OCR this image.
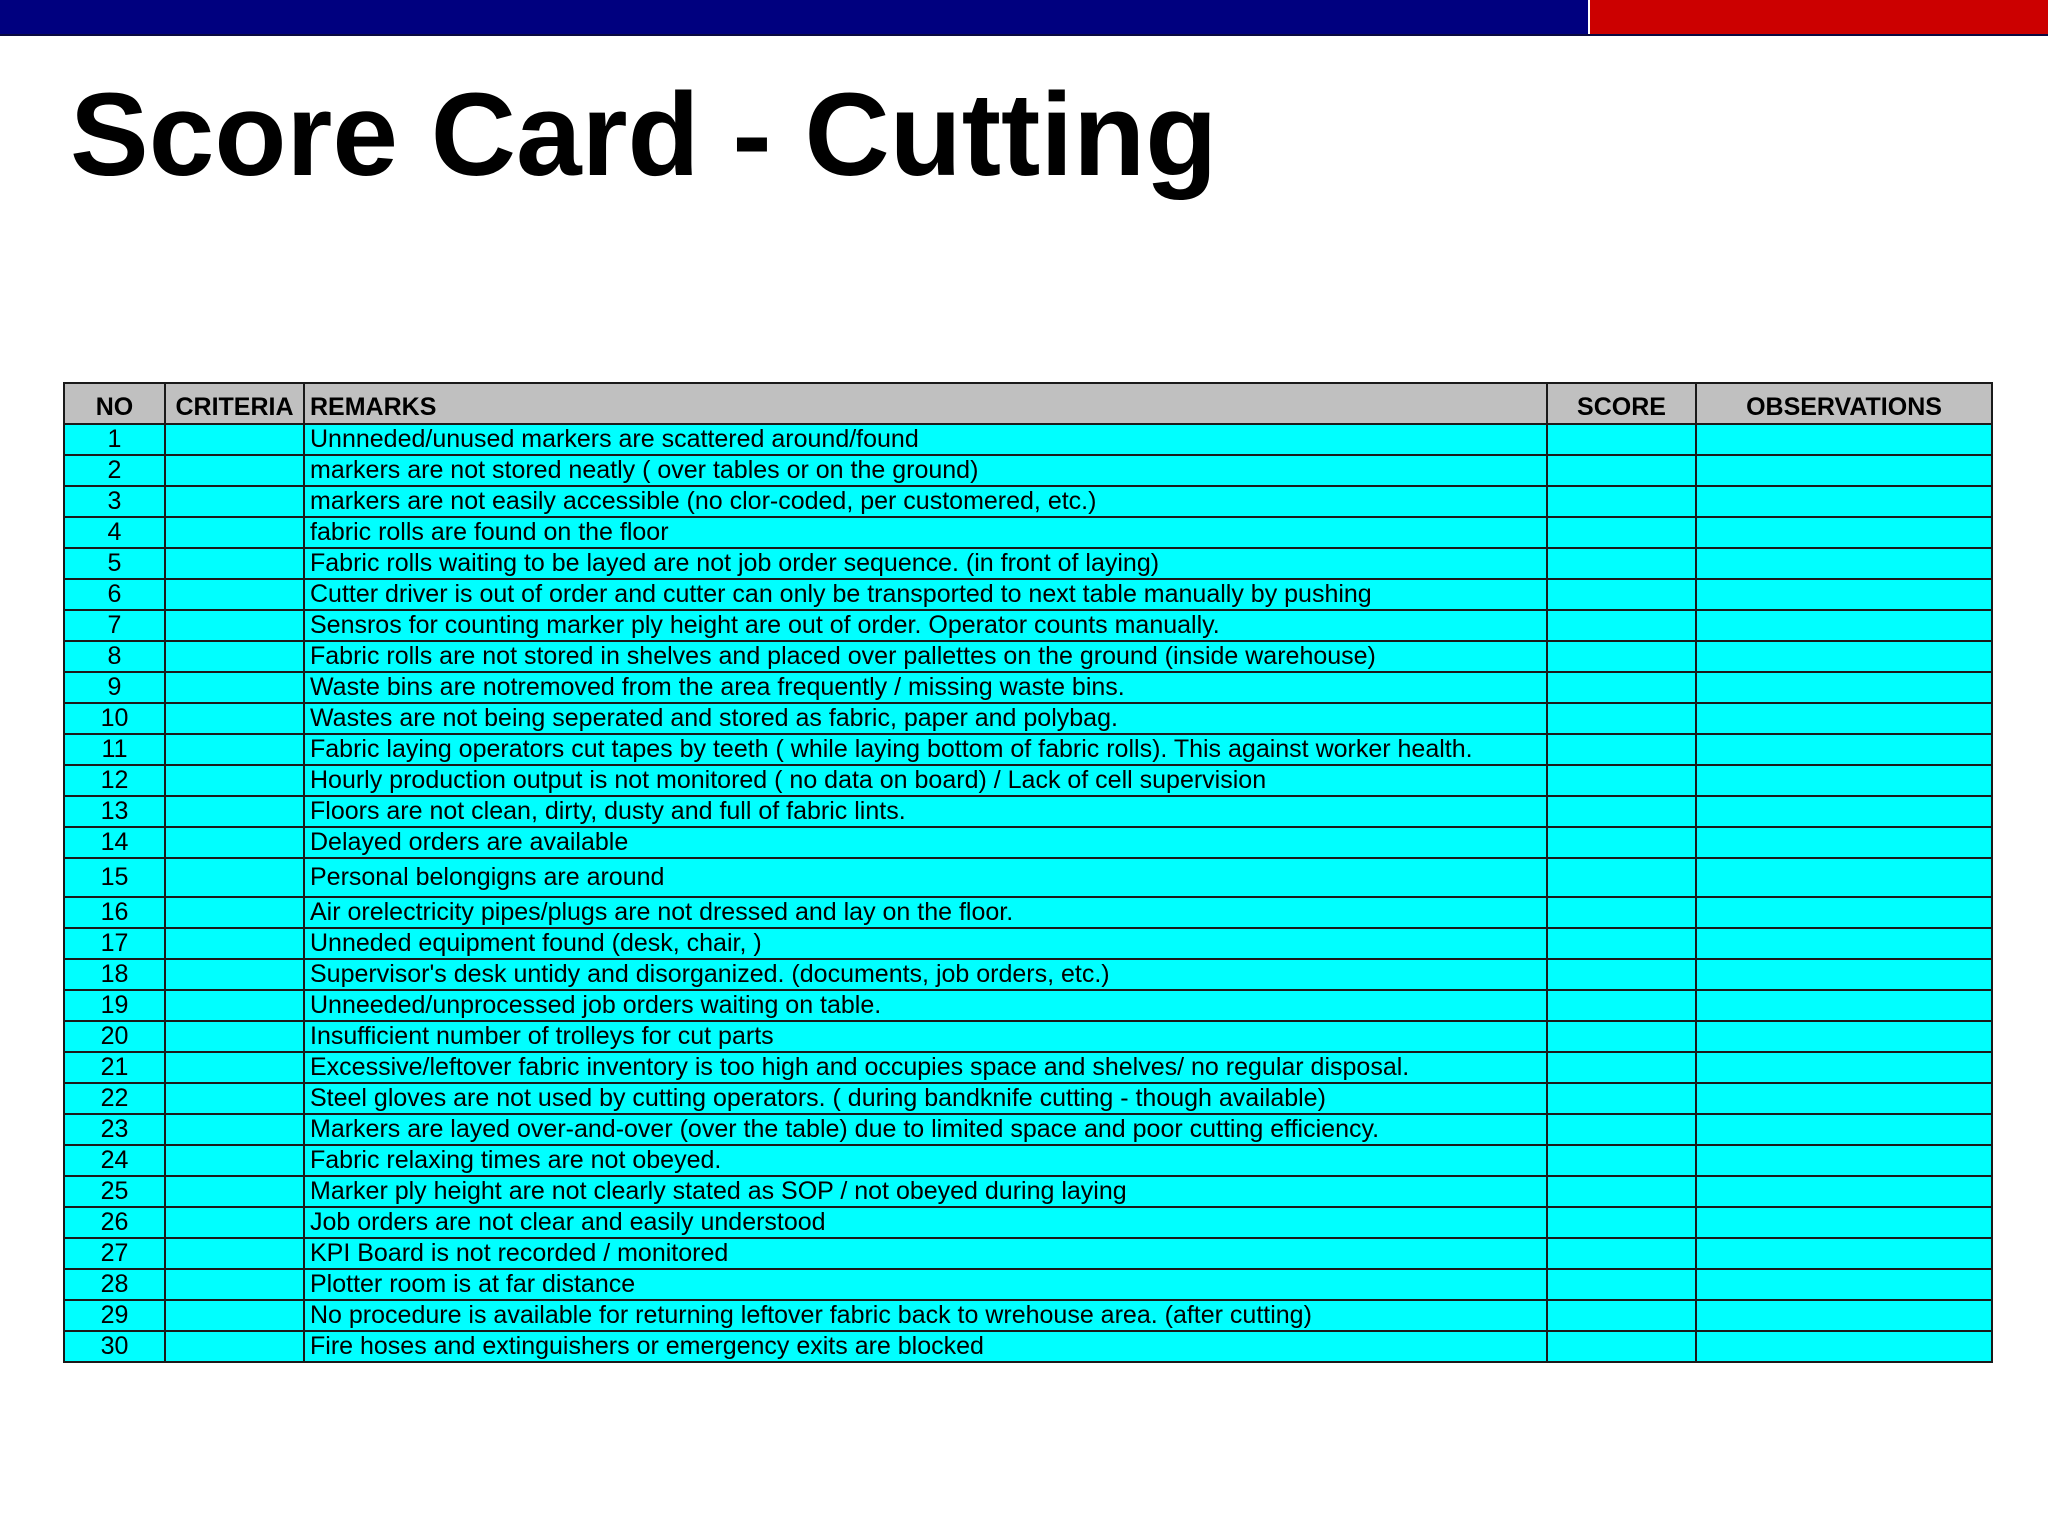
Score Card - Cutting
NO	CRITERIA	REMARKS	SCORE	OBSERVATIONS
1		Unnneded/unused markers are scattered around/found		
2		markers are not stored neatly ( over tables or on the ground)		
3		markers are not easily accessible (no clor-coded, per customered, etc.)		
4		fabric rolls are found on the floor		
5		Fabric rolls waiting to be layed are not job order sequence. (in front of laying)		
6		Cutter driver is out of order and cutter can only be transported to next table manually by pushing		
7		Sensros for counting marker ply height are out of order. Operator counts manually.		
8		Fabric rolls are not stored in shelves and placed over pallettes on the ground (inside warehouse)		
9		Waste bins are notremoved from the area frequently / missing waste bins.		
10		Wastes are not being seperated and stored as fabric, paper and polybag.		
11		Fabric laying operators cut tapes by teeth ( while laying bottom of fabric rolls). This against worker health.		
12		Hourly production output is not monitored ( no data on board) / Lack of cell supervision		
13		Floors are not clean, dirty, dusty and full of fabric lints.		
14		Delayed orders are available		
15		Personal belongigns are around		
16		Air orelectricity pipes/plugs are not dressed and lay on the floor.		
17		Unneded equipment found (desk, chair, )		
18		Supervisor's desk untidy and disorganized. (documents, job orders, etc.)		
19		Unneeded/unprocessed job orders waiting on table.		
20		Insufficient number of trolleys for cut parts		
21		Excessive/leftover fabric inventory is too high and occupies space and shelves/ no regular disposal.		
22		Steel gloves are not used by cutting operators. ( during bandknife cutting - though available)		
23		Markers are layed over-and-over (over the table) due to limited space and poor cutting efficiency.		
24		Fabric relaxing times are not obeyed.		
25		Marker ply height are not clearly stated as SOP / not obeyed during laying		
26		Job orders are not clear and easily understood		
27		KPI Board is not recorded / monitored		
28		Plotter room is at far distance		
29		No procedure is available for returning leftover fabric back to wrehouse area. (after cutting)		
30		Fire hoses and extinguishers or emergency exits are blocked		
